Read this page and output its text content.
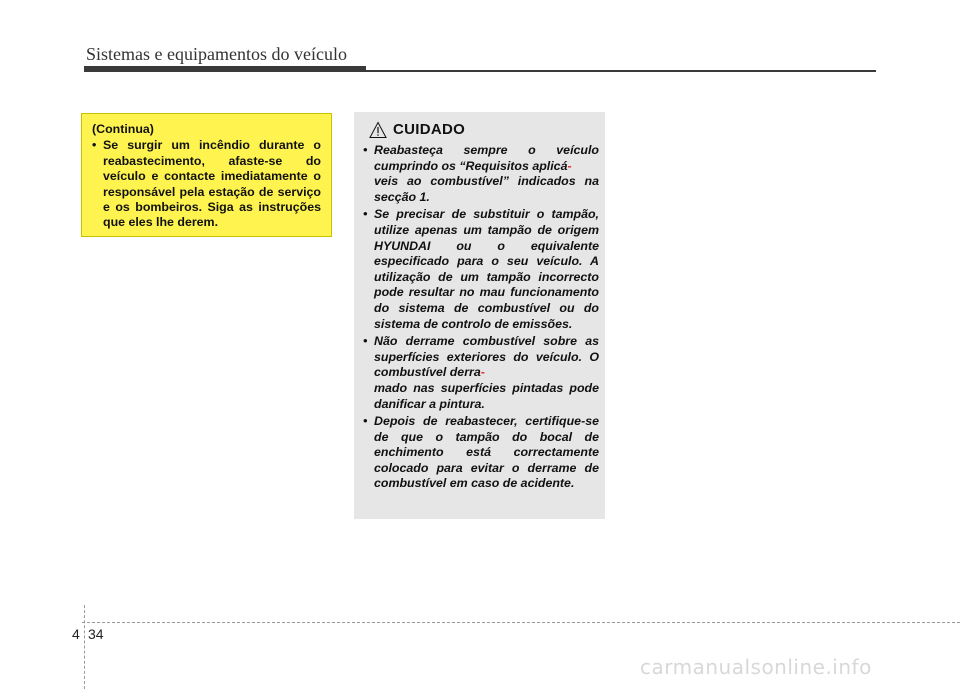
Sistemas e equipamentos do veículo
(Continua)
• Se surgir um incêndio durante o reabastecimento, afaste-se do veículo e contacte imediatamente o responsável pela estação de serviço e os bombeiros. Siga as instruções que eles lhe derem.
CUIDADO
• Reabasteça sempre o veículo cumprindo os “Requisitos aplicá-
veis ao combustível” indicados na secção 1.
• Se precisar de substituir o tampão, utilize apenas um tampão de origem HYUNDAI ou o equivalente especificado para o seu veículo. A utilização de um tampão incorrecto pode resultar no mau funcionamento do sistema de combustível ou do sistema de controlo de emissões.
• Não derrame combustível sobre as superfícies exteriores do veículo. O combustível derra-
mado nas superfícies pintadas pode danificar a pintura.
• Depois de reabastecer, certifique-se de que o tampão do bocal de enchimento está correctamente colocado para evitar o derrame de combustível em caso de acidente.
4 34
carmanualsonline.info
